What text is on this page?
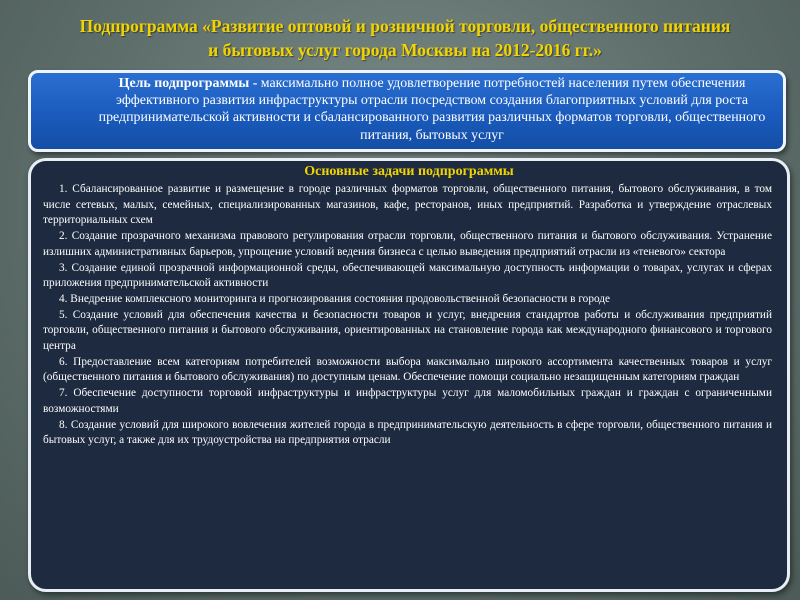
Подпрограмма «Развитие оптовой и розничной торговли, общественного питания
и бытовых услуг города Москвы на 2012-2016 гг.»
Цель подпрограммы - максимально полное удовлетворение потребностей населения путем обеспечения эффективного развития инфраструктуры отрасли посредством создания благоприятных условий для роста предпринимательской активности и сбалансированного развития различных форматов торговли, общественного питания, бытовых услуг
Основные задачи подпрограммы
1. Сбалансированное развитие и размещение в городе различных форматов торговли, общественного питания, бытового обслуживания, в том числе сетевых, малых, семейных, специализированных магазинов, кафе, ресторанов, иных предприятий. Разработка и утверждение отраслевых территориальных схем
2. Создание прозрачного механизма правового регулирования отрасли торговли, общественного питания и бытового обслуживания. Устранение излишних административных барьеров, упрощение условий ведения бизнеса с целью выведения предприятий отрасли из «теневого» сектора
3. Создание единой прозрачной информационной среды, обеспечивающей максимальную доступность информации о товарах, услугах и сферах приложения предпринимательской активности
4. Внедрение комплексного мониторинга и прогнозирования состояния продовольственной безопасности в городе
5. Создание условий для обеспечения качества и безопасности товаров и услуг, внедрения стандартов работы и обслуживания предприятий торговли, общественного питания и бытового обслуживания, ориентированных на становление города как международного финансового и торгового центра
6. Предоставление всем категориям потребителей возможности выбора максимально широкого ассортимента качественных товаров и услуг (общественного питания и бытового обслуживания) по доступным ценам. Обеспечение помощи социально незащищенным категориям граждан
7. Обеспечение доступности торговой инфраструктуры и инфраструктуры услуг для маломобильных граждан и граждан с ограниченными возможностями
8. Создание условий для широкого вовлечения жителей города в предпринимательскую деятельность в сфере торговли, общественного питания и бытовых услуг, а также для их трудоустройства на предприятия отрасли
